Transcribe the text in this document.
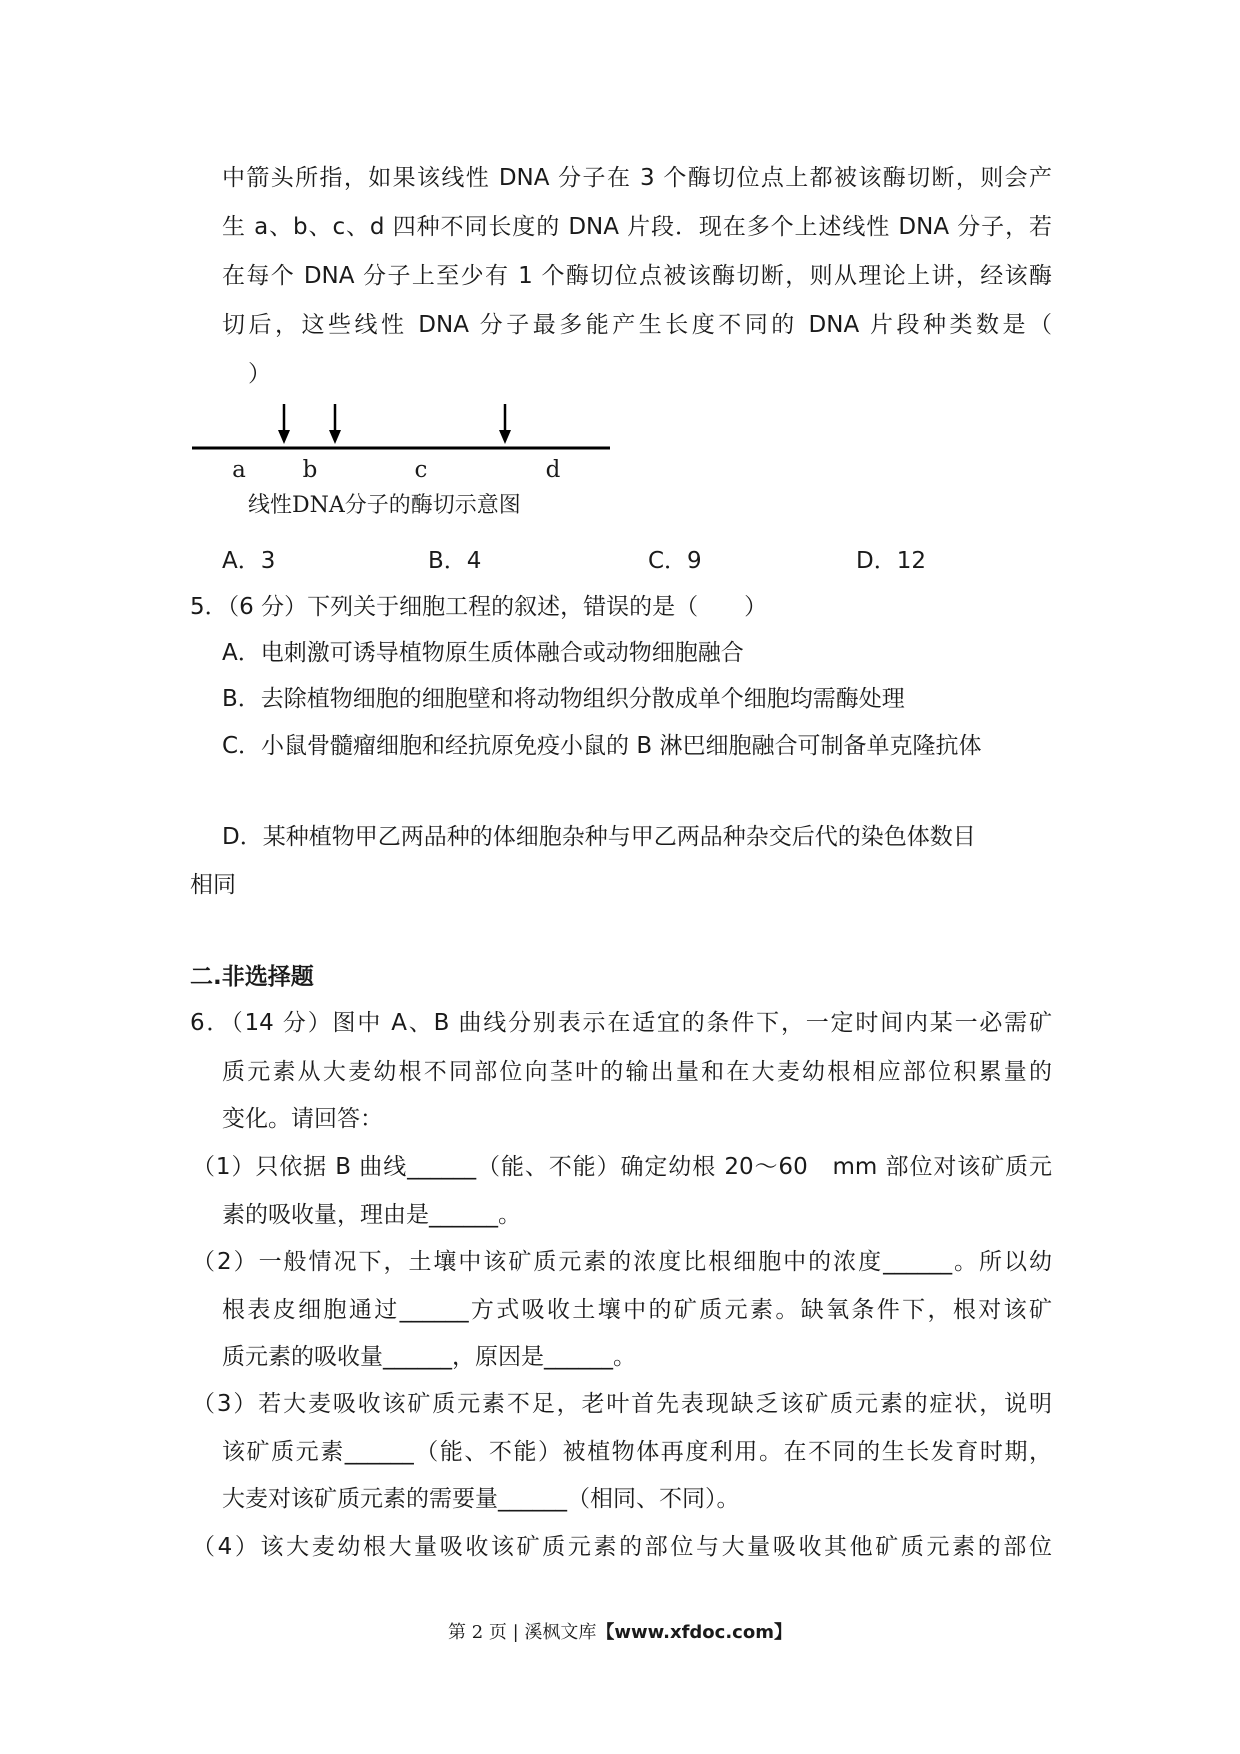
中箭头所指，如果该线性 DNA 分子在 3 个酶切位点上都被该酶切断，则会产
生 a、b、c、d 四种不同长度的 DNA 片段．现在多个上述线性 DNA 分子，若
在每个 DNA 分子上至少有 1 个酶切位点被该酶切断，则从理论上讲，经该酶
切后，这些线性 DNA 分子最多能产生长度不同的 DNA 片段种类数是（
）
a b	c	d
线性DNA分子的酶切示意图
A．3	B．4	C．9	D．12
5．（6 分）下列关于细胞工程的叙述，错误的是（　　）
A．电刺激可诱导植物原生质体融合或动物细胞融合
B．去除植物细胞的细胞壁和将动物组织分散成单个细胞均需酶处理
C．小鼠骨髓瘤细胞和经抗原免疫小鼠的 B 淋巴细胞融合可制备单克隆抗体
D．某种植物甲乙两品种的体细胞杂种与甲乙两品种杂交后代的染色体数目
相同
二.非选择题
6．（14 分）图中 A、B 曲线分别表示在适宜的条件下，一定时间内某一必需矿
质元素从大麦幼根不同部位向茎叶的输出量和在大麦幼根相应部位积累量的
变化。请回答：
（1）只依据 B 曲线______（能、不能）确定幼根 20～60　mm 部位对该矿质元
素的吸收量，理由是______。
（2）一般情况下，土壤中该矿质元素的浓度比根细胞中的浓度______。所以幼
根表皮细胞通过______方式吸收土壤中的矿质元素。缺氧条件下，根对该矿
质元素的吸收量______，原因是______。
（3）若大麦吸收该矿质元素不足，老叶首先表现缺乏该矿质元素的症状，说明
该矿质元素______（能、不能）被植物体再度利用。在不同的生长发育时期，
大麦对该矿质元素的需要量______（相同、不同）。
（4）该大麦幼根大量吸收该矿质元素的部位与大量吸收其他矿质元素的部位
第 2 页 | 溪枫文库【www.xfdoc.com】
